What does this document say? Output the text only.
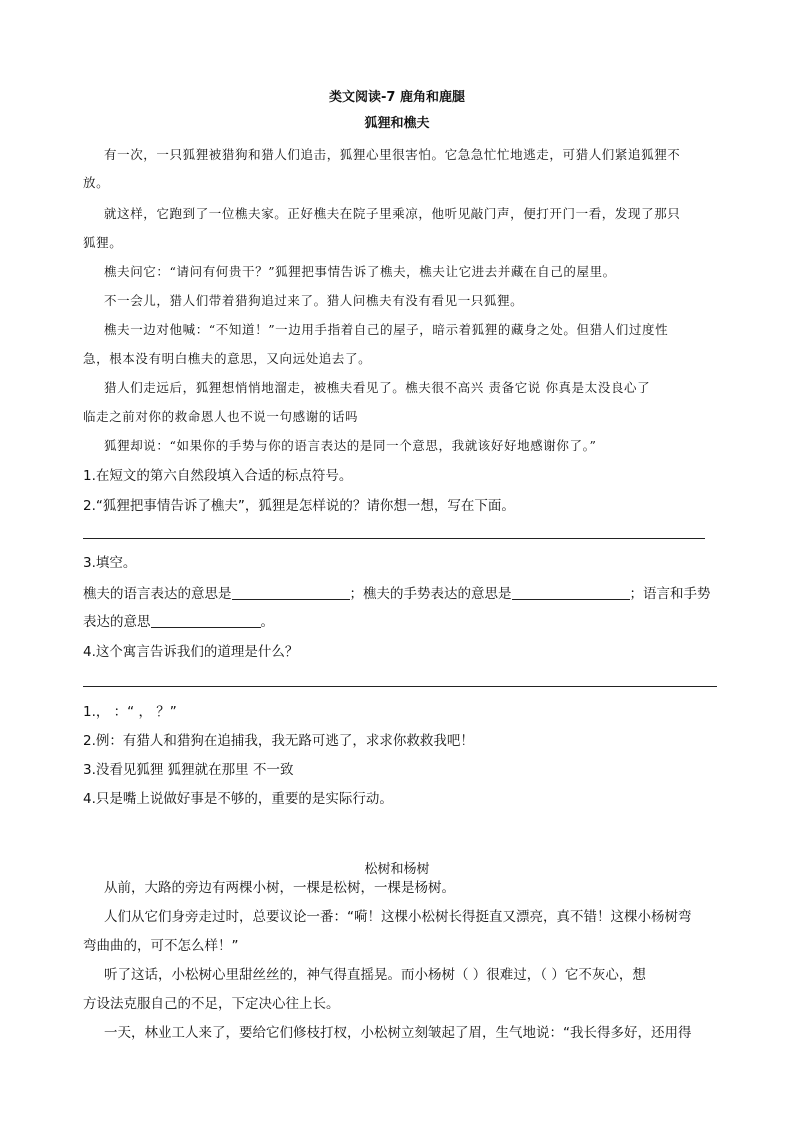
类文阅读-7 鹿角和鹿腿
狐狸和樵夫
有一次，一只狐狸被猎狗和猎人们追击，狐狸心里很害怕。它急急忙忙地逃走，可猎人们紧追狐狸不
放。
就这样，它跑到了一位樵夫家。正好樵夫在院子里乘凉，他听见敲门声，便打开门一看，发现了那只
狐狸。
樵夫问它：“请问有何贵干？”狐狸把事情告诉了樵夫，樵夫让它进去并藏在自己的屋里。
不一会儿，猎人们带着猎狗追过来了。猎人问樵夫有没有看见一只狐狸。
樵夫一边对他喊：“不知道！”一边用手指着自己的屋子，暗示着狐狸的藏身之处。但猎人们过度性
急，根本没有明白樵夫的意思，又向远处追去了。
猎人们走远后，狐狸想悄悄地溜走，被樵夫看见了。樵夫很不高兴 责备它说 你真是太没良心了
临走之前对你的救命恩人也不说一句感谢的话吗
狐狸却说：“如果你的手势与你的语言表达的是同一个意思，我就该好好地感谢你了。”
1.在短文的第六自然段填入合适的标点符号。
2.“狐狸把事情告诉了樵夫”，狐狸是怎样说的？请你想一想，写在下面。
3.填空。
樵夫的语言表达的意思是	；樵夫的手势表达的意思是	；语言和手势
表达的意思	。
4.这个寓言告诉我们的道理是什么？
1.， ：“ ， ？”
2.例：有猎人和猎狗在追捕我，我无路可逃了，求求你救救我吧！
3.没看见狐狸 狐狸就在那里 不一致
4.只是嘴上说做好事是不够的，重要的是实际行动。
松树和杨树
从前，大路的旁边有两棵小树，一棵是松树，一棵是杨树。
人们从它们身旁走过时，总要议论一番：“嗬！这棵小松树长得挺直又漂亮，真不错！这棵小杨树弯
弯曲曲的，可不怎么样！”
听了这话，小松树心里甜丝丝的，神气得直摇晃。而小杨树（ ）很难过，（ ）它不灰心，想
方设法克服自己的不足，下定决心往上长。
一天，林业工人来了，要给它们修枝打杈，小松树立刻皱起了眉，生气地说：“我长得多好，还用得
